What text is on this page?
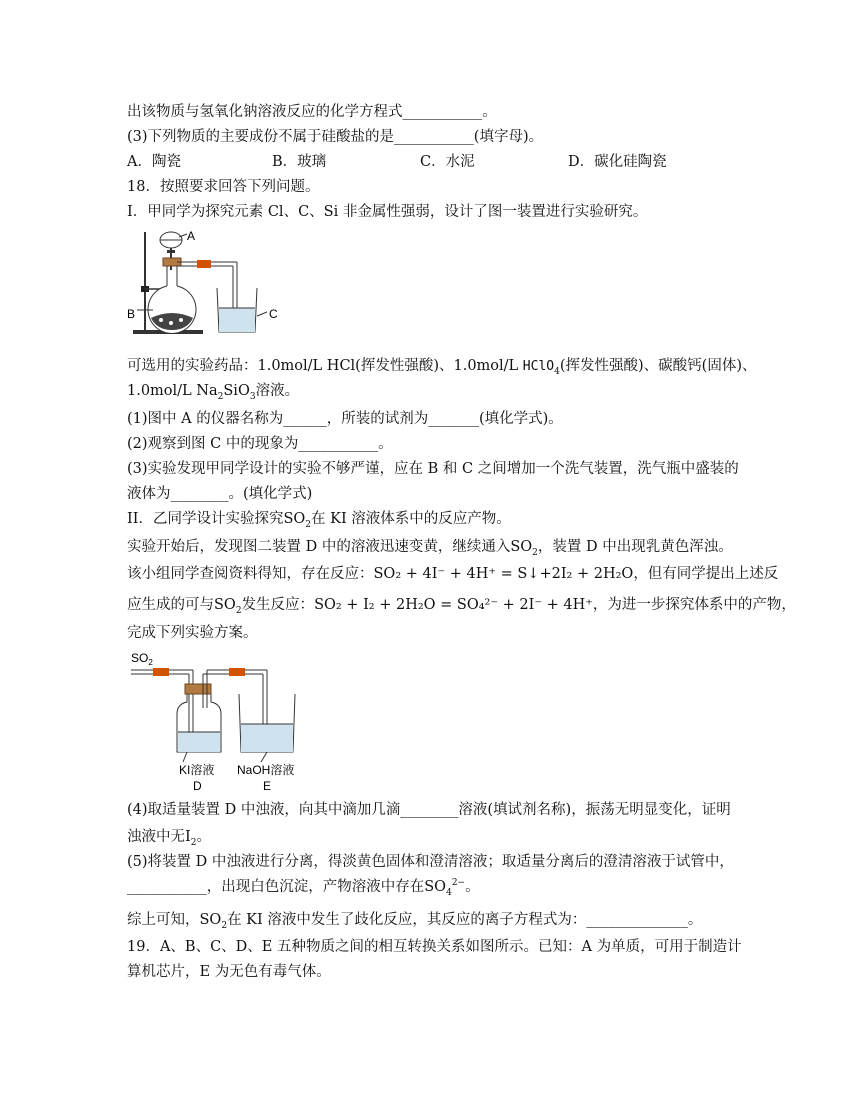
出该物质与氢氧化钠溶液反应的化学方程式___________。
(3)下列物质的主要成份不属于硅酸盐的是___________(填字母)。
A．陶瓷	B．玻璃	C．水泥	D．碳化硅陶瓷
18．按照要求回答下列问题。
I．甲同学为探究元素 Cl、C、Si 非金属性强弱，设计了图一装置进行实验研究。
A
B	C
可选用的实验药品：1.0mol/L HCl(挥发性强酸)、1.0mol/L HClO$_4$(挥发性强酸)、碳酸钙(固体)、
1.0mol/L $Na_2SiO_3$溶液。
(1)图中 A 的仪器名称为______，所装的试剂为_______(填化学式)。
(2)观察到图 C 中的现象为___________。
(3)实验发现甲同学设计的实验不够严谨，应在 B 和 C 之间增加一个洗气装置，洗气瓶中盛装的
液体为________。(填化学式)
II．乙同学设计实验探究$SO_2$在 KI 溶液体系中的反应产物。
实验开始后，发现图二装置 D 中的溶液迅速变黄，继续通入$SO_2$，装置 D 中出现乳黄色浑浊。
该小组同学查阅资料得知，存在反应：SO₂ + 4I⁻ + 4H⁺ = S↓+2I₂ + 2H₂O，但有同学提出上述反
应生成的可与$SO_2$发生反应：SO₂ + I₂ + 2H₂O = SO₄²⁻ + 2I⁻ + 4H⁺，为进一步探究体系中的产物，
完成下列实验方案。
$SO_2$
KI溶液
D
NaOH溶液
E
(4)取适量装置 D 中浊液，向其中滴加几滴________溶液(填试剂名称)，振荡无明显变化，证明
浊液中无$I_2$。
(5)将装置 D 中浊液进行分离，得淡黄色固体和澄清溶液；取适量分离后的澄清溶液于试管中，
___________，出现白色沉淀，产物溶液中存在$SO_4^{2-}$。
综上可知，$SO_2$在 KI 溶液中发生了歧化反应，其反应的离子方程式为：______________。
19．A、B、C、D、E 五种物质之间的相互转换关系如图所示。已知：A 为单质，可用于制造计
算机芯片，E 为无色有毒气体。
